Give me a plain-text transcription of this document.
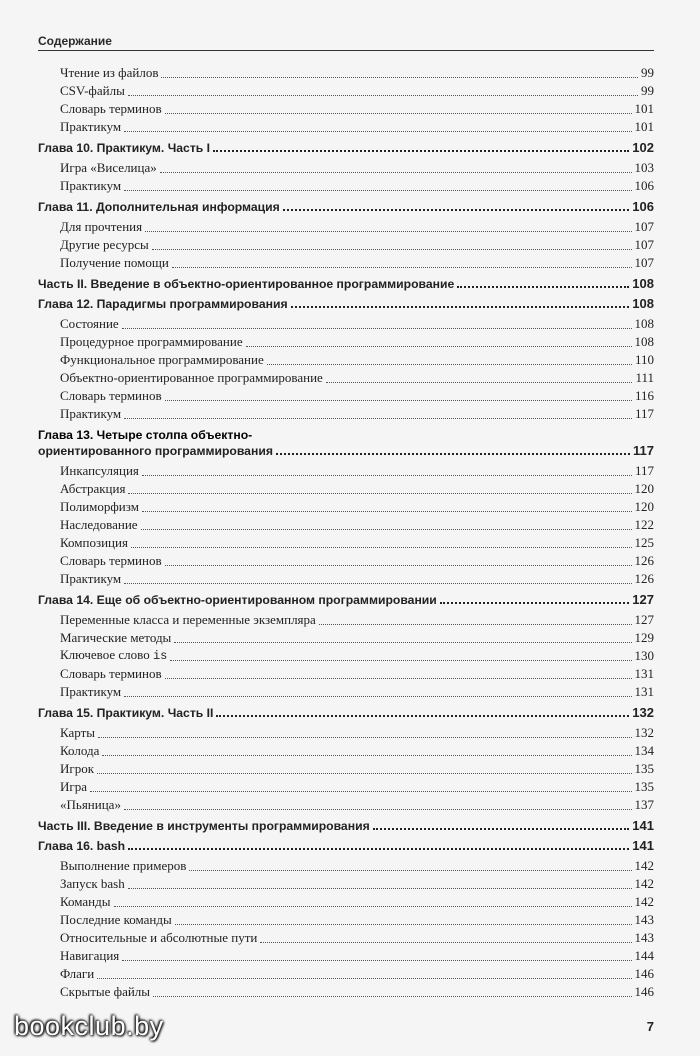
Содержание
Чтение из файлов	99
CSV-файлы	99
Словарь терминов	101
Практикум	101
Глава 10. Практикум. Часть I	102
Игра «Виселица»	103
Практикум	106
Глава 11. Дополнительная информация	106
Для прочтения	107
Другие ресурсы	107
Получение помощи	107
Часть II. Введение в объектно-ориентированное программирование	108
Глава 12. Парадигмы программирования	108
Состояние	108
Процедурное программирование	108
Функциональное программирование	110
Объектно-ориентированное программирование	111
Словарь терминов	116
Практикум	117
Глава 13. Четыре столпа объектно-
ориентированного программирования	117
Инкапсуляция	117
Абстракция	120
Полиморфизм	120
Наследование	122
Композиция	125
Словарь терминов	126
Практикум	126
Глава 14. Еще об объектно-ориентированном программировании	127
Переменные класса и переменные экземпляра	127
Магические методы	129
Ключевое слово is	130
Словарь терминов	131
Практикум	131
Глава 15. Практикум. Часть II	132
Карты	132
Колода	134
Игрок	135
Игра	135
«Пьяница»	137
Часть III. Введение в инструменты программирования	141
Глава 16. bash	141
Выполнение примеров	142
Запуск bash	142
Команды	142
Последние команды	143
Относительные и абсолютные пути	143
Навигация	144
Флаги	146
Скрытые файлы	146
7
bookclub.by
